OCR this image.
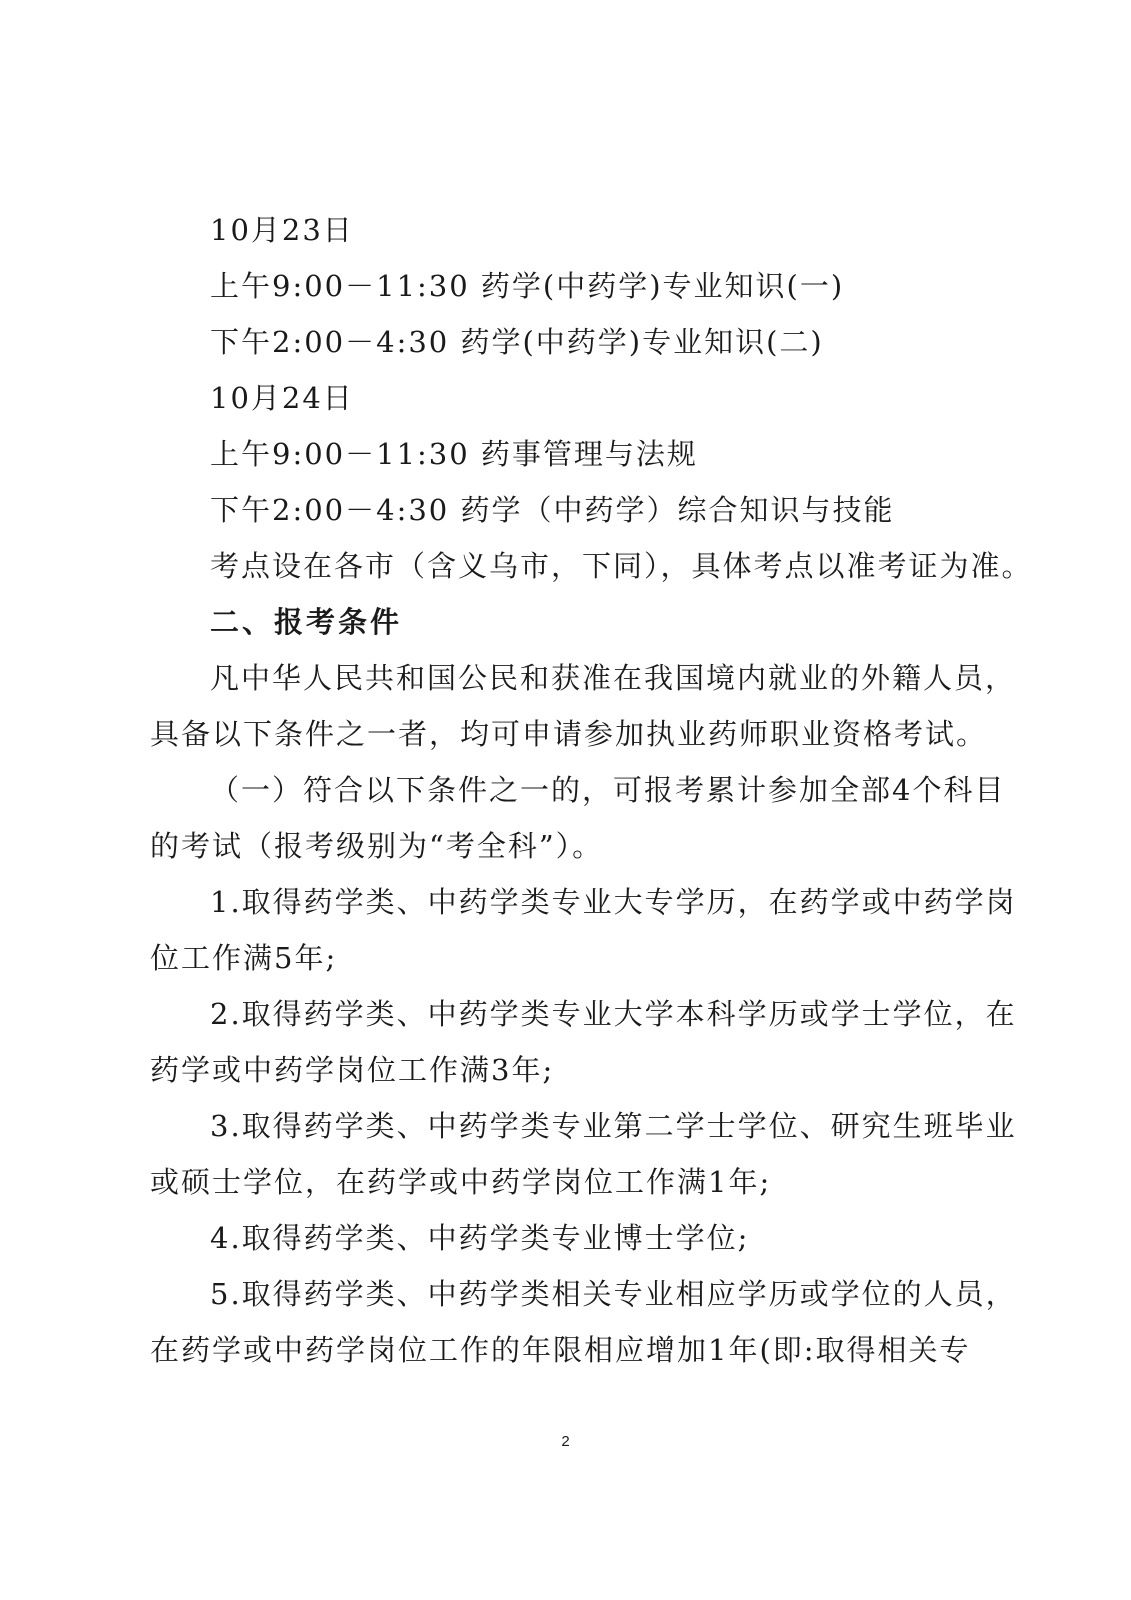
10月23日
上午9:00－11:30 药学(中药学)专业知识(一)
下午2:00－4:30 药学(中药学)专业知识(二)
10月24日
上午9:00－11:30 药事管理与法规
下午2:00－4:30 药学（中药学）综合知识与技能
考点设在各市（含义乌市，下同），具体考点以准考证为准。
二、报考条件
凡中华人民共和国公民和获准在我国境内就业的外籍人员，
具备以下条件之一者，均可申请参加执业药师职业资格考试。
（一）符合以下条件之一的，可报考累计参加全部4个科目
的考试（报考级别为“考全科”）。
1.取得药学类、中药学类专业大专学历，在药学或中药学岗
位工作满5年;
2.取得药学类、中药学类专业大学本科学历或学士学位，在
药学或中药学岗位工作满3年;
3.取得药学类、中药学类专业第二学士学位、研究生班毕业
或硕士学位，在药学或中药学岗位工作满1年;
4.取得药学类、中药学类专业博士学位;
5.取得药学类、中药学类相关专业相应学历或学位的人员，
在药学或中药学岗位工作的年限相应增加1年(即:取得相关专
2
